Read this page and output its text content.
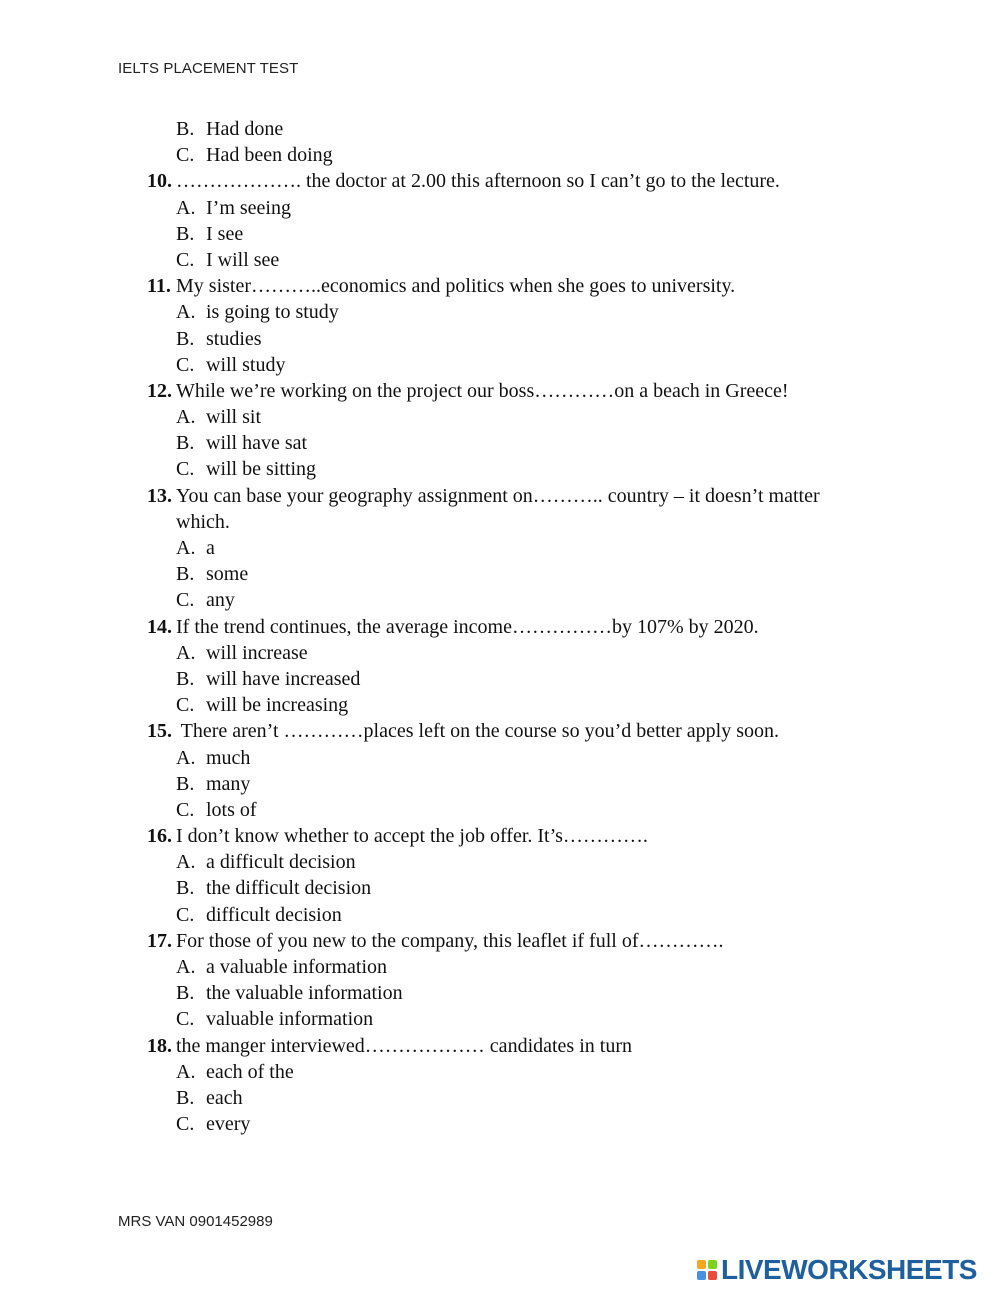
IELTS PLACEMENT TEST
B. Had done
C. Had been doing
10. ………………. the doctor at 2.00 this afternoon so I can’t go to the lecture.
A. I’m seeing
B. I see
C. I will see
11. My sister………..economics and politics when she goes to university.
A. is going to study
B. studies
C. will study
12. While we’re working on the project our boss…………on a beach in Greece!
A. will sit
B. will have sat
C. will be sitting
13. You can base your geography assignment on……….. country – it doesn’t matter
which.
A. a
B. some
C. any
14. If the trend continues, the average income……………by 107% by 2020.
A. will increase
B. will have increased
C. will be increasing
15. There aren’t …………places left on the course so you’d better apply soon.
A. much
B. many
C. lots of
16. I don’t know whether to accept the job offer. It’s………….
A. a difficult decision
B. the difficult decision
C. difficult decision
17. For those of you new to the company, this leaflet if full of………….
A. a valuable information
B. the valuable information
C. valuable information
18. the manger interviewed……………… candidates in turn
A. each of the
B. each
C. every
MRS VAN 0901452989
LIVEWORKSHEETS
